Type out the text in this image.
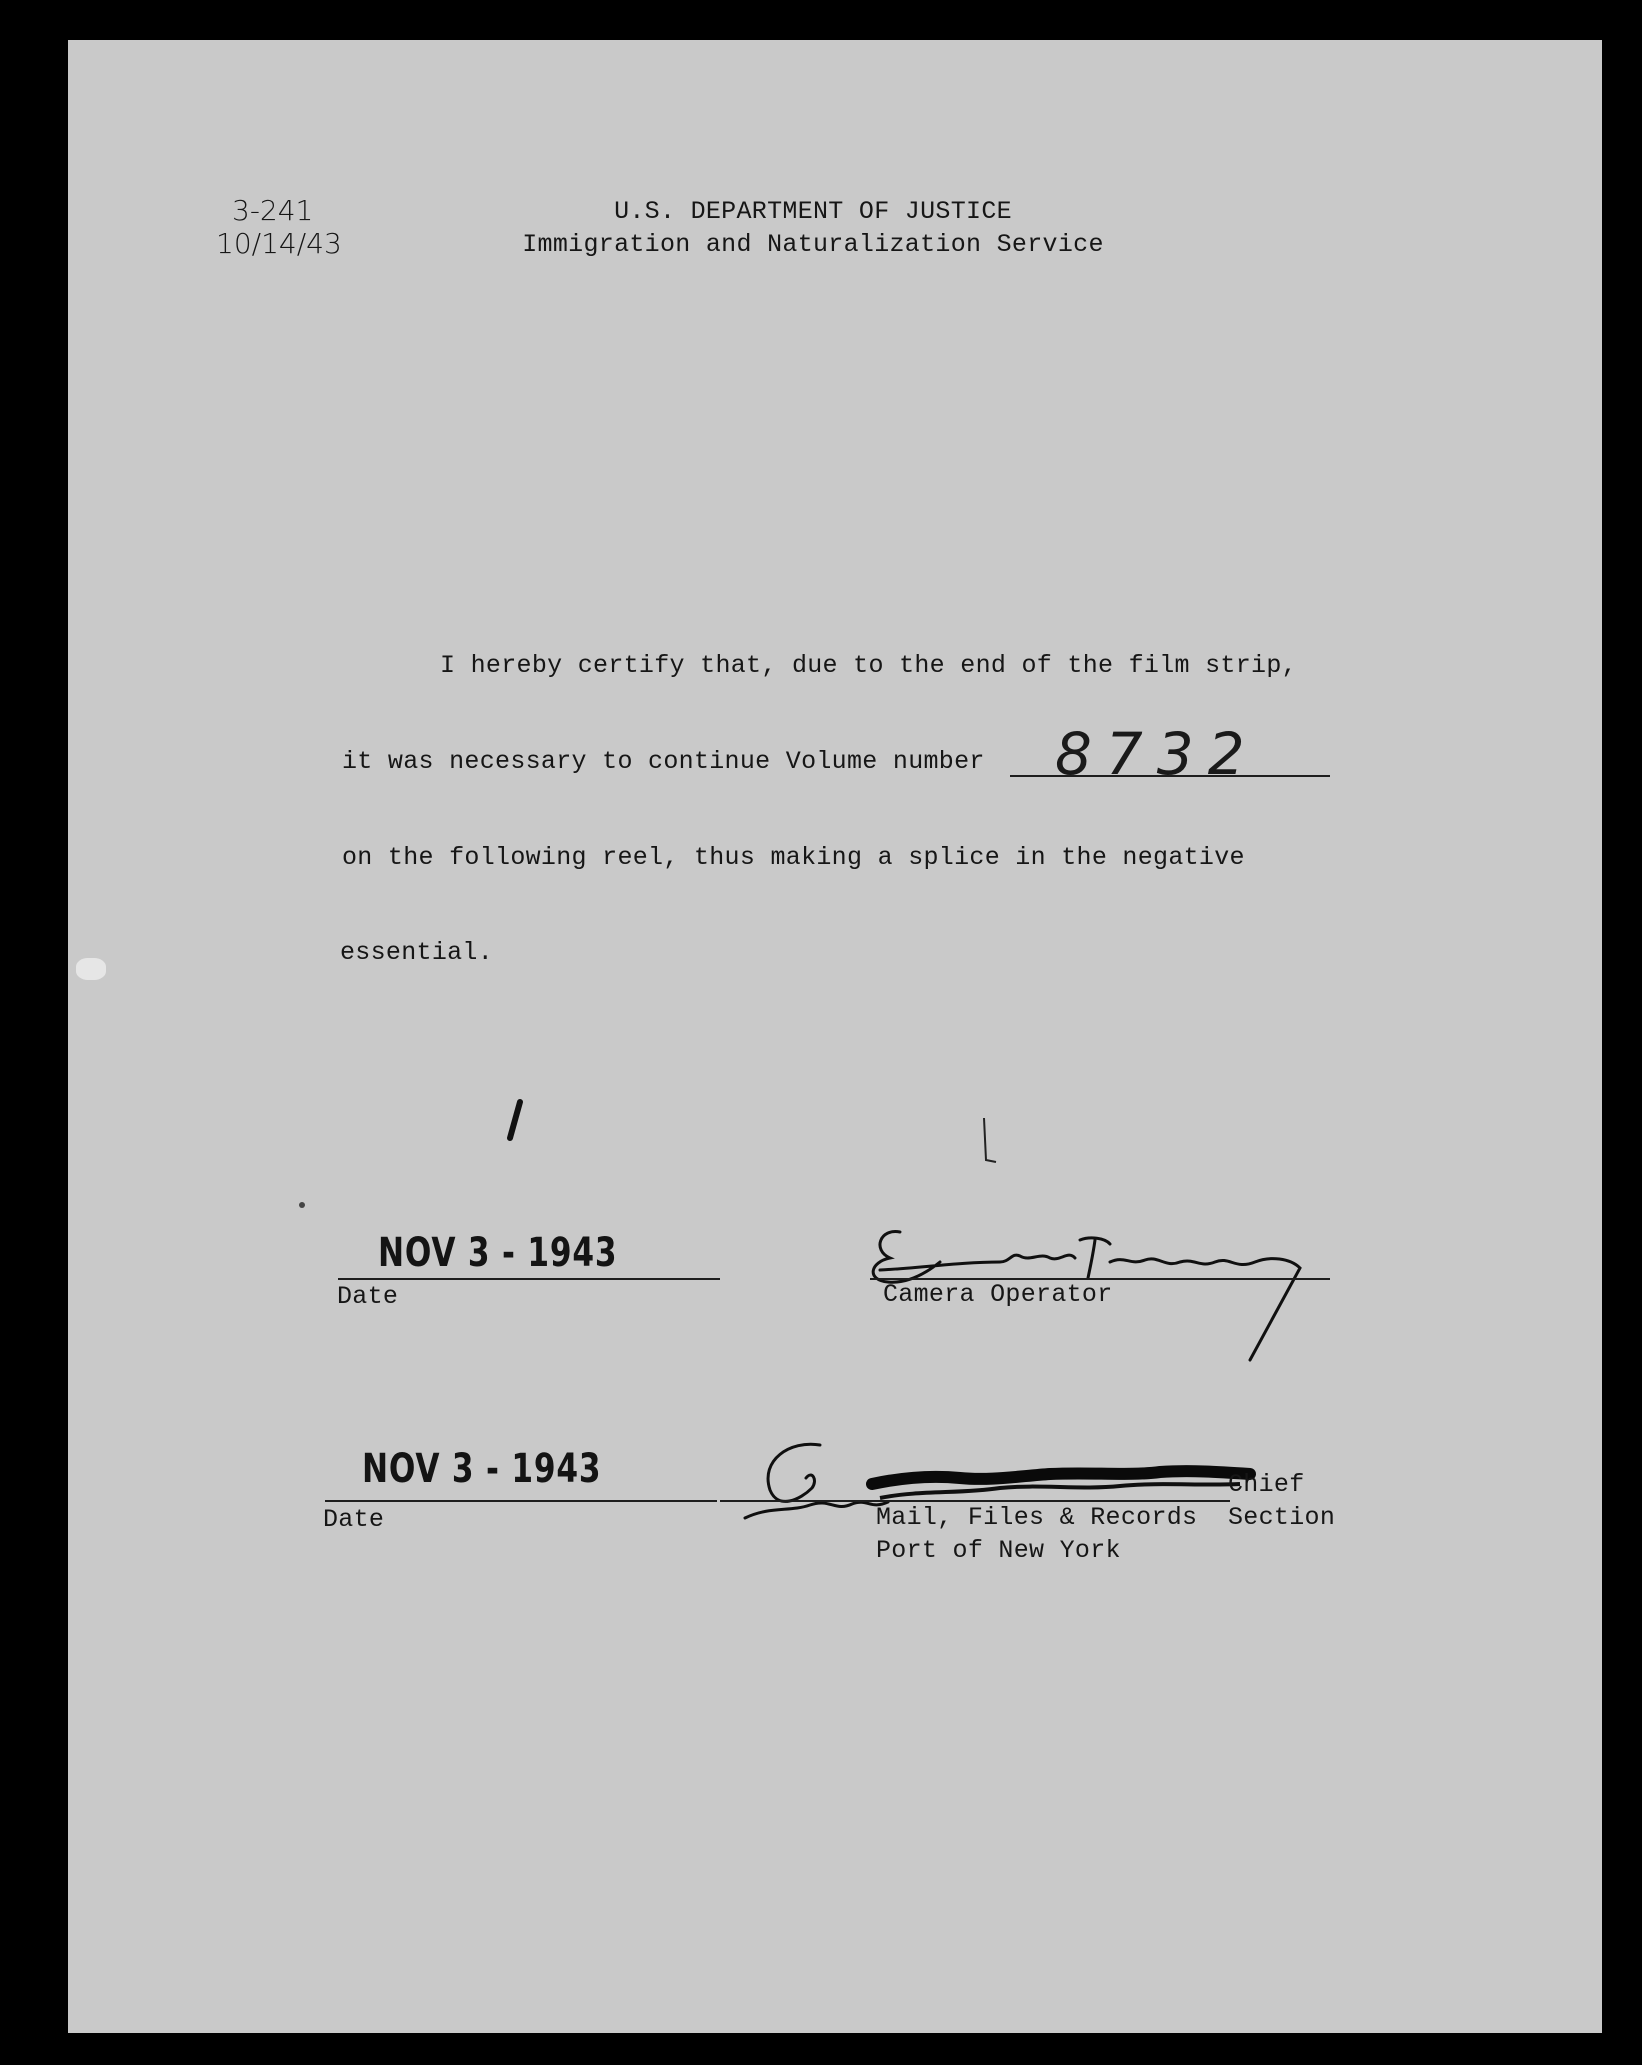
3-241
10/14/43
U.S. DEPARTMENT OF JUSTICE
Immigration and Naturalization Service
I hereby certify that, due to the end of the film strip,
it was necessary to continue Volume number 8732
on the following reel, thus making a splice in the negative
essential.
NOV 3 - 1943
Date	Camera Operator
NOV 3 - 1943
Date
Chief
Mail, Files & Records Section
Port of New York
